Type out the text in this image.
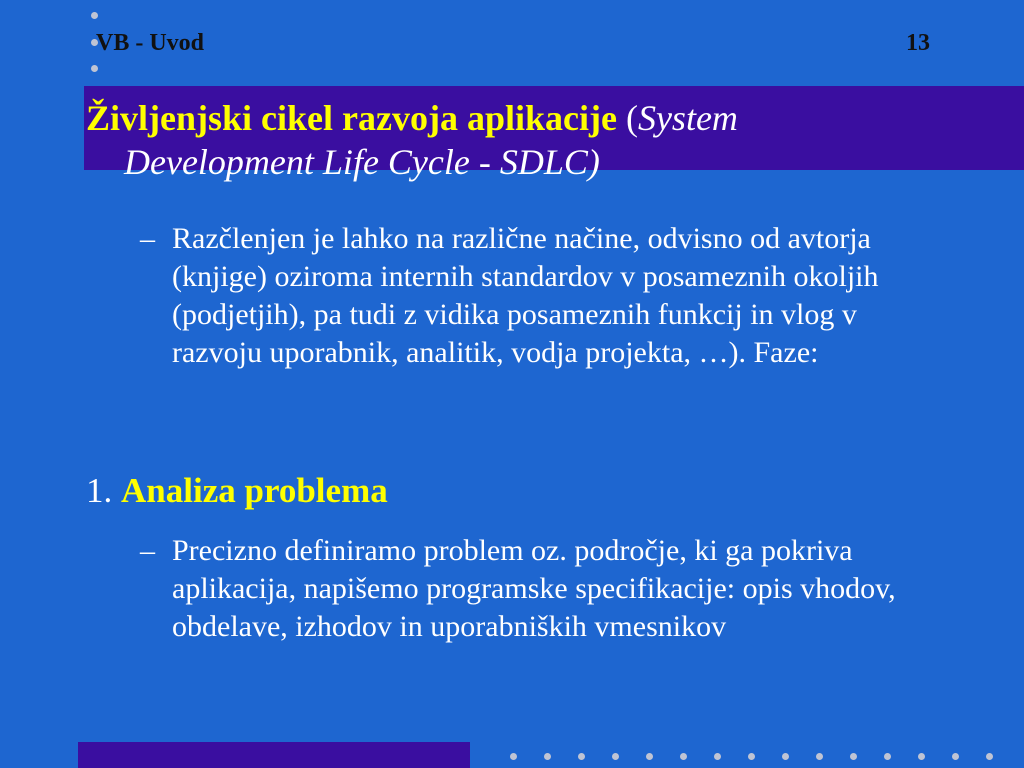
VB - Uvod	13
Življenjski cikel razvoja aplikacije (System
Development Life Cycle - SDLC)
– Razčlenjen je lahko na različne načine, odvisno od avtorja (knjige) oziroma internih standardov v posameznih okoljih (podjetjih), pa tudi z vidika posameznih funkcij in vlog v razvoju uporabnik, analitik, vodja projekta, …). Faze:
1. Analiza problema
– Precizno definiramo problem oz. področje, ki ga pokriva aplikacija, napišemo programske specifikacije: opis vhodov, obdelave, izhodov in uporabniških vmesnikov
